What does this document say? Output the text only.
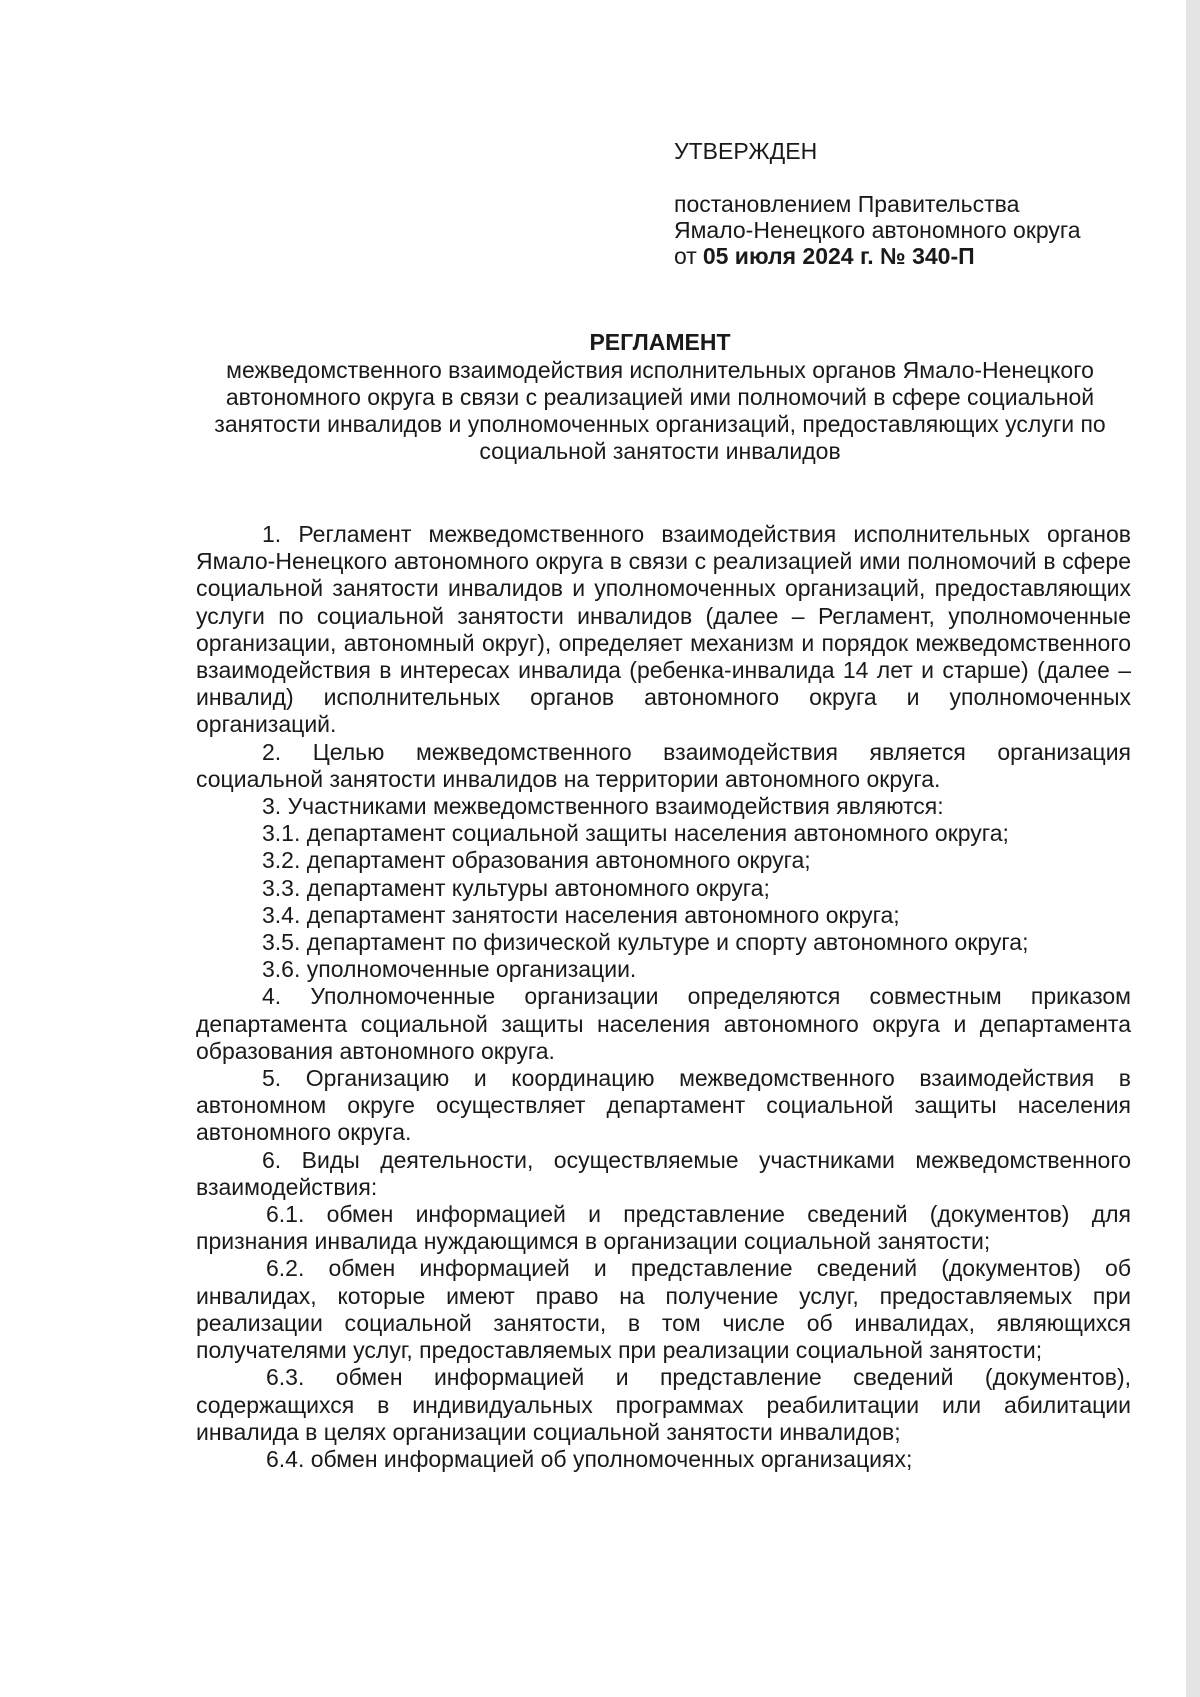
УТВЕРЖДЕН

постановлением Правительства
Ямало-Ненецкого автономного округа
от 05 июля 2024 г. № 340-П

РЕГЛАМЕНТ

межведомственного взаимодействия исполнительных органов Ямало-Ненецкого автономного округа в связи с реализацией ими полномочий в сфере социальной занятости инвалидов и уполномоченных организаций, предоставляющих услуги по социальной занятости инвалидов

1. Регламент межведомственного взаимодействия исполнительных органов Ямало-Ненецкого автономного округа в связи с реализацией ими полномочий в сфере социальной занятости инвалидов и уполномоченных организаций, предоставляющих услуги по социальной занятости инвалидов (далее – Регламент, уполномоченные организации, автономный округ), определяет механизм и порядок межведомственного взаимодействия в интересах инвалида (ребенка-инвалида 14 лет и старше) (далее – инвалид) исполнительных органов автономного округа и уполномоченных организаций.

2. Целью межведомственного взаимодействия является организация социальной занятости инвалидов на территории автономного округа.

3. Участниками межведомственного взаимодействия являются:

3.1. департамент социальной защиты населения автономного округа;

3.2. департамент образования автономного округа;

3.3. департамент культуры автономного округа;

3.4. департамент занятости населения автономного округа;

3.5. департамент по физической культуре и спорту автономного округа;

3.6. уполномоченные организации.

4. Уполномоченные организации определяются совместным приказом департамента социальной защиты населения автономного округа и департамента образования автономного округа.

5. Организацию и координацию межведомственного взаимодействия в автономном округе осуществляет департамент социальной защиты населения автономного округа.

6. Виды деятельности, осуществляемые участниками межведомственного взаимодействия:

6.1. обмен информацией и представление сведений (документов) для признания инвалида нуждающимся в организации социальной занятости;

6.2. обмен информацией и представление сведений (документов) об инвалидах, которые имеют право на получение услуг, предоставляемых при реализации социальной занятости, в том числе об инвалидах, являющихся получателями услуг, предоставляемых при реализации социальной занятости;

6.3. обмен информацией и представление сведений (документов), содержащихся в индивидуальных программах реабилитации или абилитации инвалида в целях организации социальной занятости инвалидов;

6.4. обмен информацией об уполномоченных организациях;
